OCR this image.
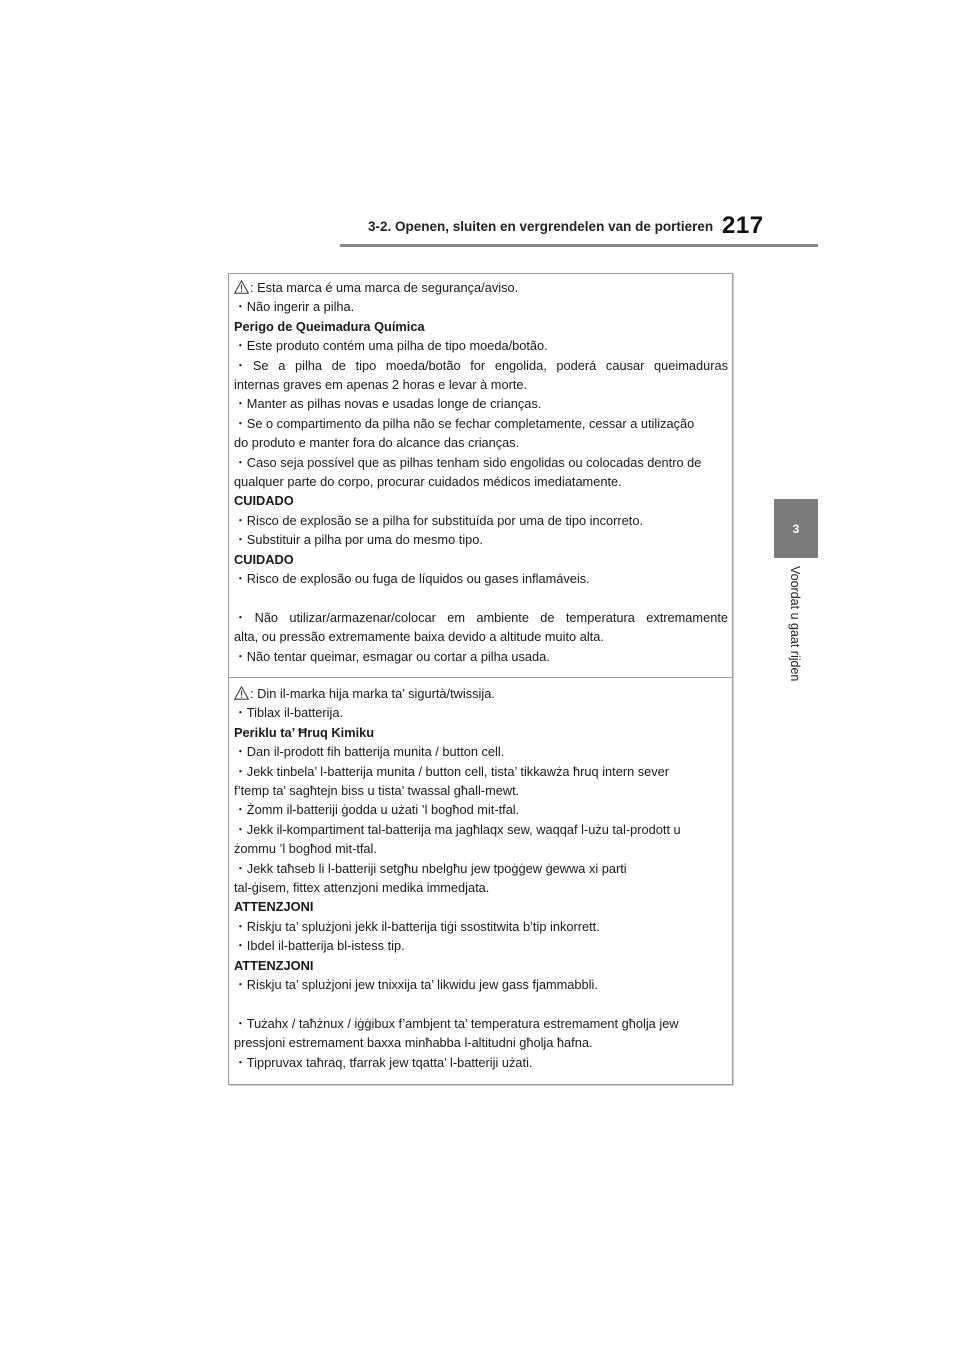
3-2. Openen, sluiten en vergrendelen van de portieren 217
3
Voordat u gaat rijden
: Esta marca é uma marca de segurança/aviso.
・Não ingerir a pilha.
Perigo de Queimadura Química
・Este produto contém uma pilha de tipo moeda/botão.
・Se a pilha de tipo moeda/botão for engolida, poderá causar queimaduras
internas graves em apenas 2 horas e levar à morte.
・Manter as pilhas novas e usadas longe de crianças.
・Se o compartimento da pilha não se fechar completamente, cessar a utilização
do produto e manter fora do alcance das crianças.
・Caso seja possível que as pilhas tenham sido engolidas ou colocadas dentro de
qualquer parte do corpo, procurar cuidados médicos imediatamente.
CUIDADO
・Risco de explosão se a pilha for substituída por uma de tipo incorreto.
・Substituir a pilha por uma do mesmo tipo.
CUIDADO
・Risco de explosão ou fuga de líquidos ou gases inflamáveis.
・Não utilizar/armazenar/colocar em ambiente de temperatura extremamente
alta, ou pressão extremamente baixa devido a altitude muito alta.
・Não tentar queimar, esmagar ou cortar a pilha usada.
: Din il-marka hija marka ta’ sigurtà/twissija.
・Tiblax il-batterija.
Periklu ta’ Ħruq Kimiku
・Dan il-prodott fih batterija munita / button cell.
・Jekk tinbela’ l-batterija munita / button cell, tista’ tikkawża ħruq intern sever
f’temp ta’ sagħtejn biss u tista’ twassal għall-mewt.
・Żomm il-batteriji ġodda u użati ’l bogħod mit-tfal.
・Jekk il-kompartiment tal-batterija ma jagħlaqx sew, waqqaf l-użu tal-prodott u
żommu ’l bogħod mit-tfal.
・Jekk taħseb li l-batteriji setgħu nbelgħu jew tpoġġew ġewwa xi parti
tal-ġisem, fittex attenzjoni medika immedjata.
ATTENZJONI
・Riskju ta’ splużjoni jekk il-batterija tiġi ssostitwita b’tip inkorrett.
・Ibdel il-batterija bl-istess tip.
ATTENZJONI
・Riskju ta’ splużjoni jew tnixxija ta’ likwidu jew gass fjammabbli.
・Tużahx / taħżnux / iġġibux f’ambjent ta’ temperatura estremament għolja jew
pressjoni estremament baxxa minħabba l-altitudni għolja ħafna.
・Tippruvax taħraq, tfarrak jew tqatta’ l-batteriji użati.
